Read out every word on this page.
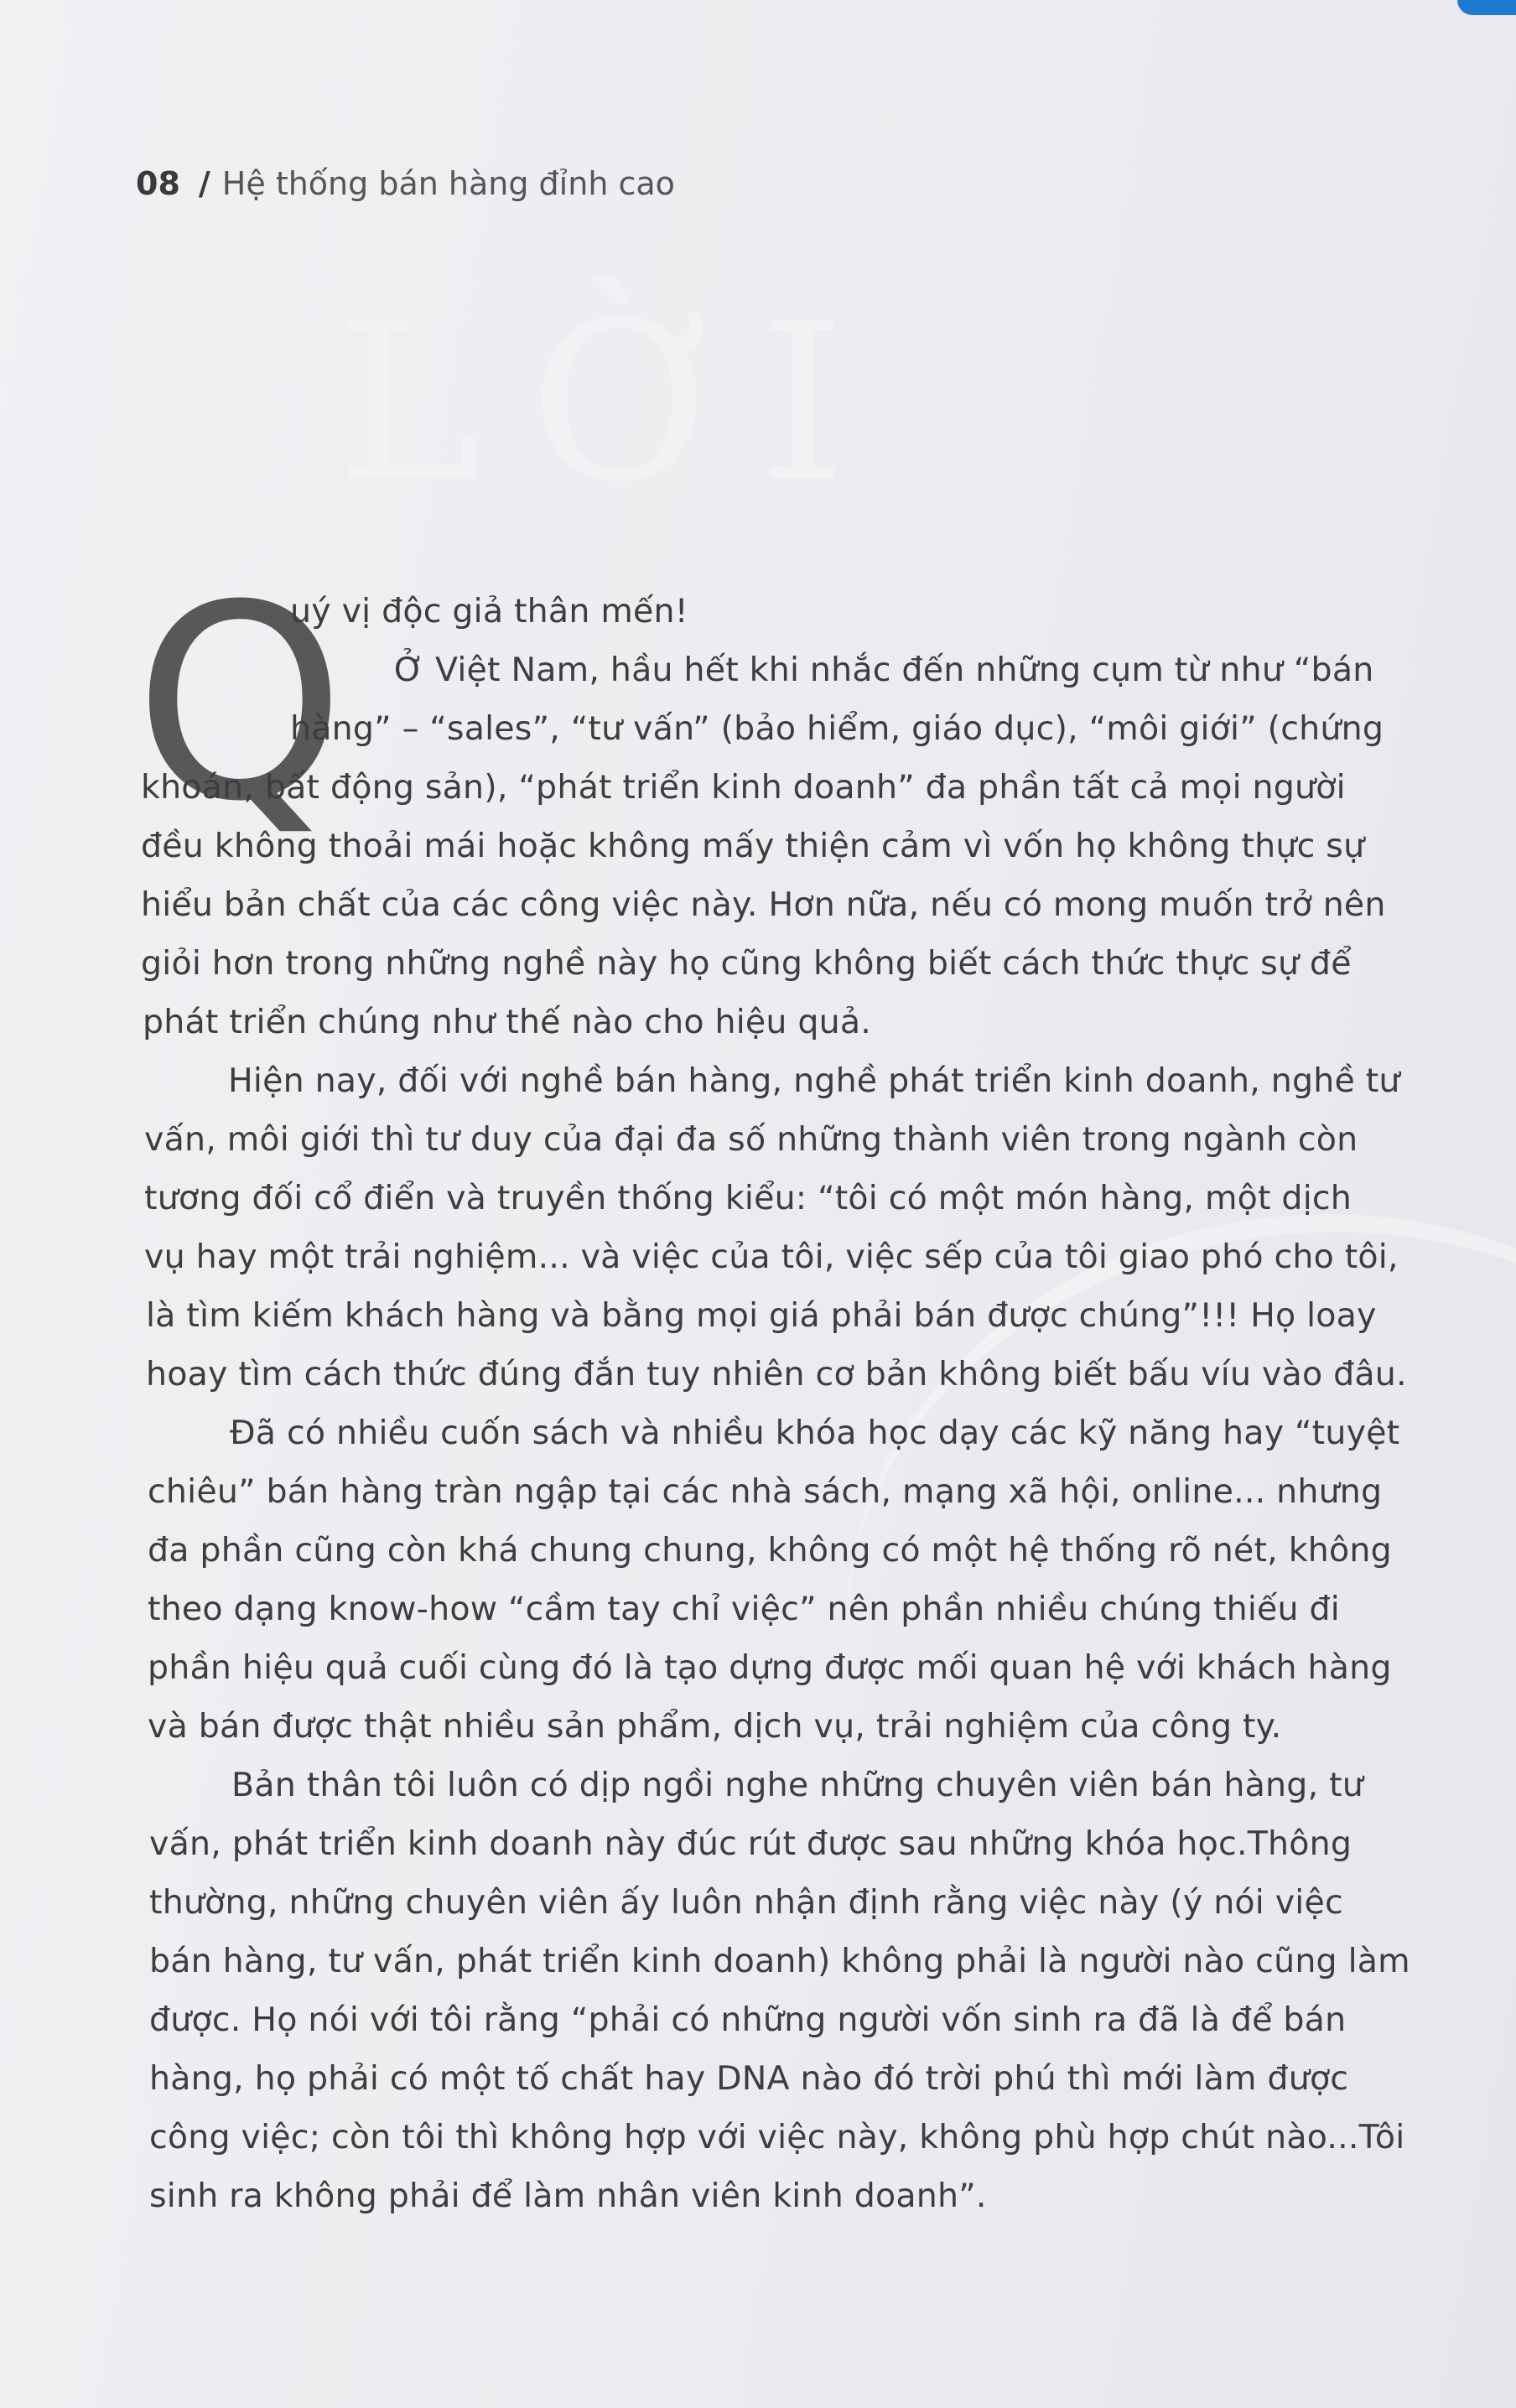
LỜI
08 / Hệ thống bán hàng đỉnh cao
Q
uý vị độc giả thân mến!
Ở Việt Nam, hầu hết khi nhắc đến những cụm từ như “bán
hàng” – “sales”, “tư vấn” (bảo hiểm, giáo dục), “môi giới” (chứng
khoán, bất động sản), “phát triển kinh doanh” đa phần tất cả mọi người
đều không thoải mái hoặc không mấy thiện cảm vì vốn họ không thực sự
hiểu bản chất của các công việc này. Hơn nữa, nếu có mong muốn trở nên
giỏi hơn trong những nghề này họ cũng không biết cách thức thực sự để
phát triển chúng như thế nào cho hiệu quả.
Hiện nay, đối với nghề bán hàng, nghề phát triển kinh doanh, nghề tư
vấn, môi giới thì tư duy của đại đa số những thành viên trong ngành còn
tương đối cổ điển và truyền thống kiểu: “tôi có một món hàng, một dịch
vụ hay một trải nghiệm... và việc của tôi, việc sếp của tôi giao phó cho tôi,
là tìm kiếm khách hàng và bằng mọi giá phải bán được chúng”!!! Họ loay
hoay tìm cách thức đúng đắn tuy nhiên cơ bản không biết bấu víu vào đâu.
Đã có nhiều cuốn sách và nhiều khóa học dạy các kỹ năng hay “tuyệt
chiêu” bán hàng tràn ngập tại các nhà sách, mạng xã hội, online... nhưng
đa phần cũng còn khá chung chung, không có một hệ thống rõ nét, không
theo dạng know-how “cầm tay chỉ việc” nên phần nhiều chúng thiếu đi
phần hiệu quả cuối cùng đó là tạo dựng được mối quan hệ với khách hàng
và bán được thật nhiều sản phẩm, dịch vụ, trải nghiệm của công ty.
Bản thân tôi luôn có dịp ngồi nghe những chuyên viên bán hàng, tư
vấn, phát triển kinh doanh này đúc rút được sau những khóa học.Thông
thường, những chuyên viên ấy luôn nhận định rằng việc này (ý nói việc
bán hàng, tư vấn, phát triển kinh doanh) không phải là người nào cũng làm
được. Họ nói với tôi rằng “phải có những người vốn sinh ra đã là để bán
hàng, họ phải có một tố chất hay DNA nào đó trời phú thì mới làm được
công việc; còn tôi thì không hợp với việc này, không phù hợp chút nào...Tôi
sinh ra không phải để làm nhân viên kinh doanh”.
